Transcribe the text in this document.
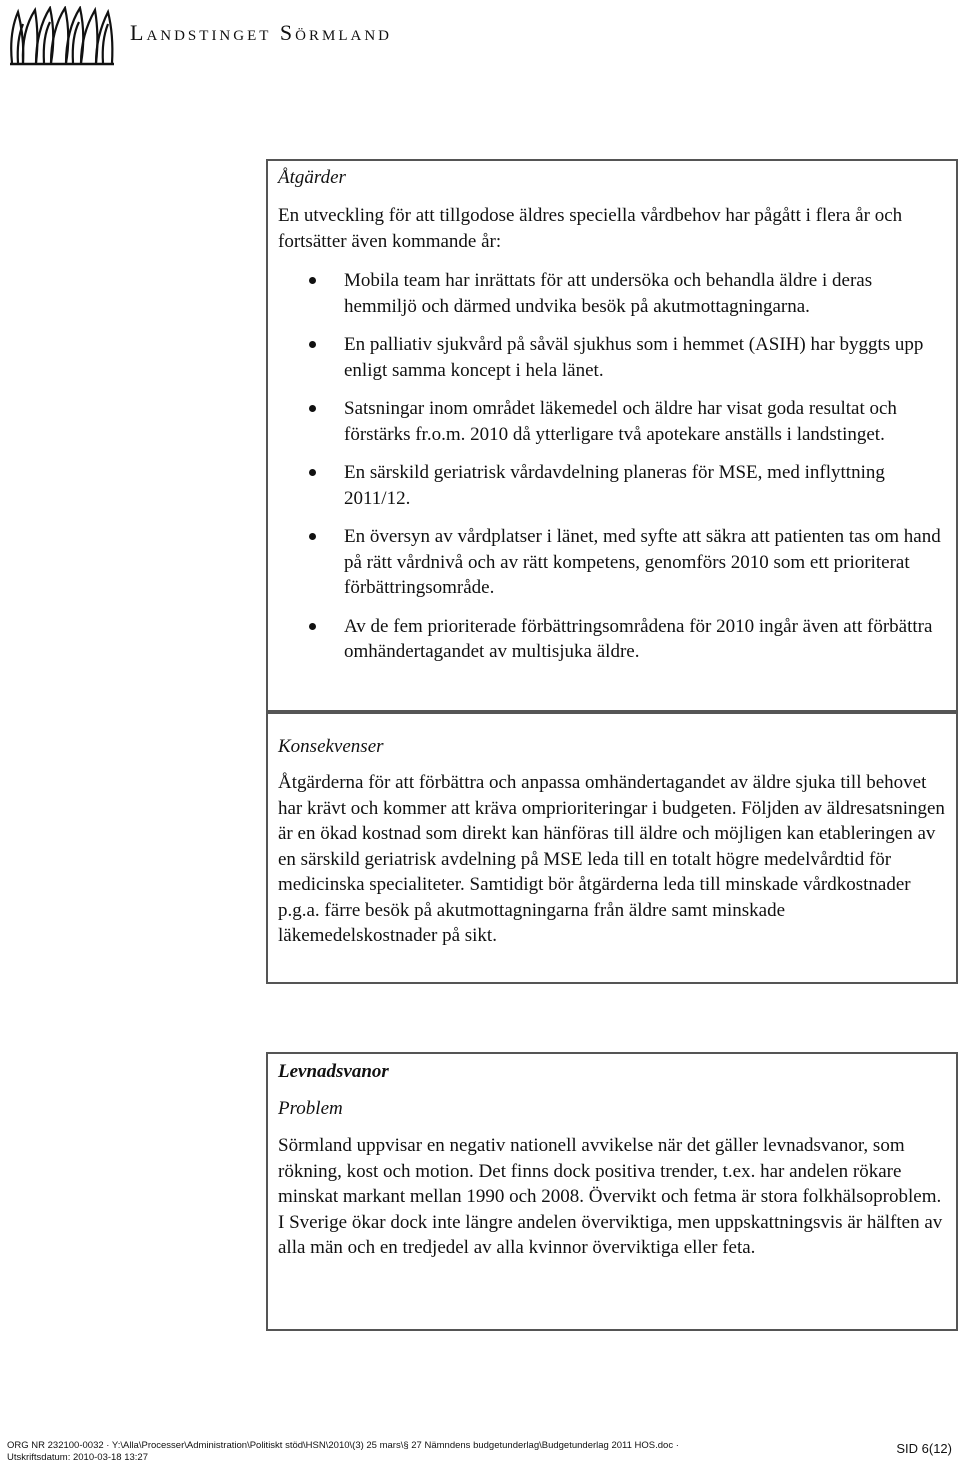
Landstinget Sörmland

Åtgärder

En utveckling för att tillgodose äldres speciella vårdbehov har pågått i flera år och fortsätter även kommande år:

Mobila team har inrättats för att undersöka och behandla äldre i deras hemmiljö och därmed undvika besök på akutmottagningarna.
En palliativ sjukvård på såväl sjukhus som i hemmet (ASIH) har byggts upp enligt samma koncept i hela länet.
Satsningar inom området läkemedel och äldre har visat goda resultat och förstärks fr.o.m. 2010 då ytterligare två apotekare anställs i landstinget.
En särskild geriatrisk vårdavdelning planeras för MSE, med inflyttning 2011/12.
En översyn av vårdplatser i länet, med syfte att säkra att patienten tas om hand på rätt vårdnivå och av rätt kompetens, genomförs 2010 som ett prioriterat förbättringsområde.
Av de fem prioriterade förbättringsområdena för 2010 ingår även att förbättra omhändertagandet av multisjuka äldre.

Konsekvenser

Åtgärderna för att förbättra och anpassa omhändertagandet av äldre sjuka till behovet har krävt och kommer att kräva omprioriteringar i budgeten. Följden av äldresatsningen är en ökad kostnad som direkt kan hänföras till äldre och möjligen kan etableringen av en särskild geriatrisk avdelning på MSE leda till en totalt högre medelvårdtid för medicinska specialiteter. Samtidigt bör åtgärderna leda till minskade vårdkostnader p.g.a. färre besök på akutmottagningarna från äldre samt minskade läkemedelskostnader på sikt.

Levnadsvanor

Problem

Sörmland uppvisar en negativ nationell avvikelse när det gäller levnadsvanor, som rökning, kost och motion. Det finns dock positiva trender, t.ex. har andelen rökare minskat markant mellan 1990 och 2008. Övervikt och fetma är stora folkhälsoproblem. I Sverige ökar dock inte längre andelen överviktiga, men uppskattningsvis är hälften av alla män och en tredjedel av alla kvinnor överviktiga eller feta.

ORG NR 232100-0032 · Y:\Alla\Processer\Administration\Politiskt stöd\HSN\2010\(3) 25 mars\§ 27 Nämndens budgetunderlag\Budgetunderlag 2011 HOS.doc ·
Utskriftsdatum: 2010-03-18 13:27
SID 6(12)
